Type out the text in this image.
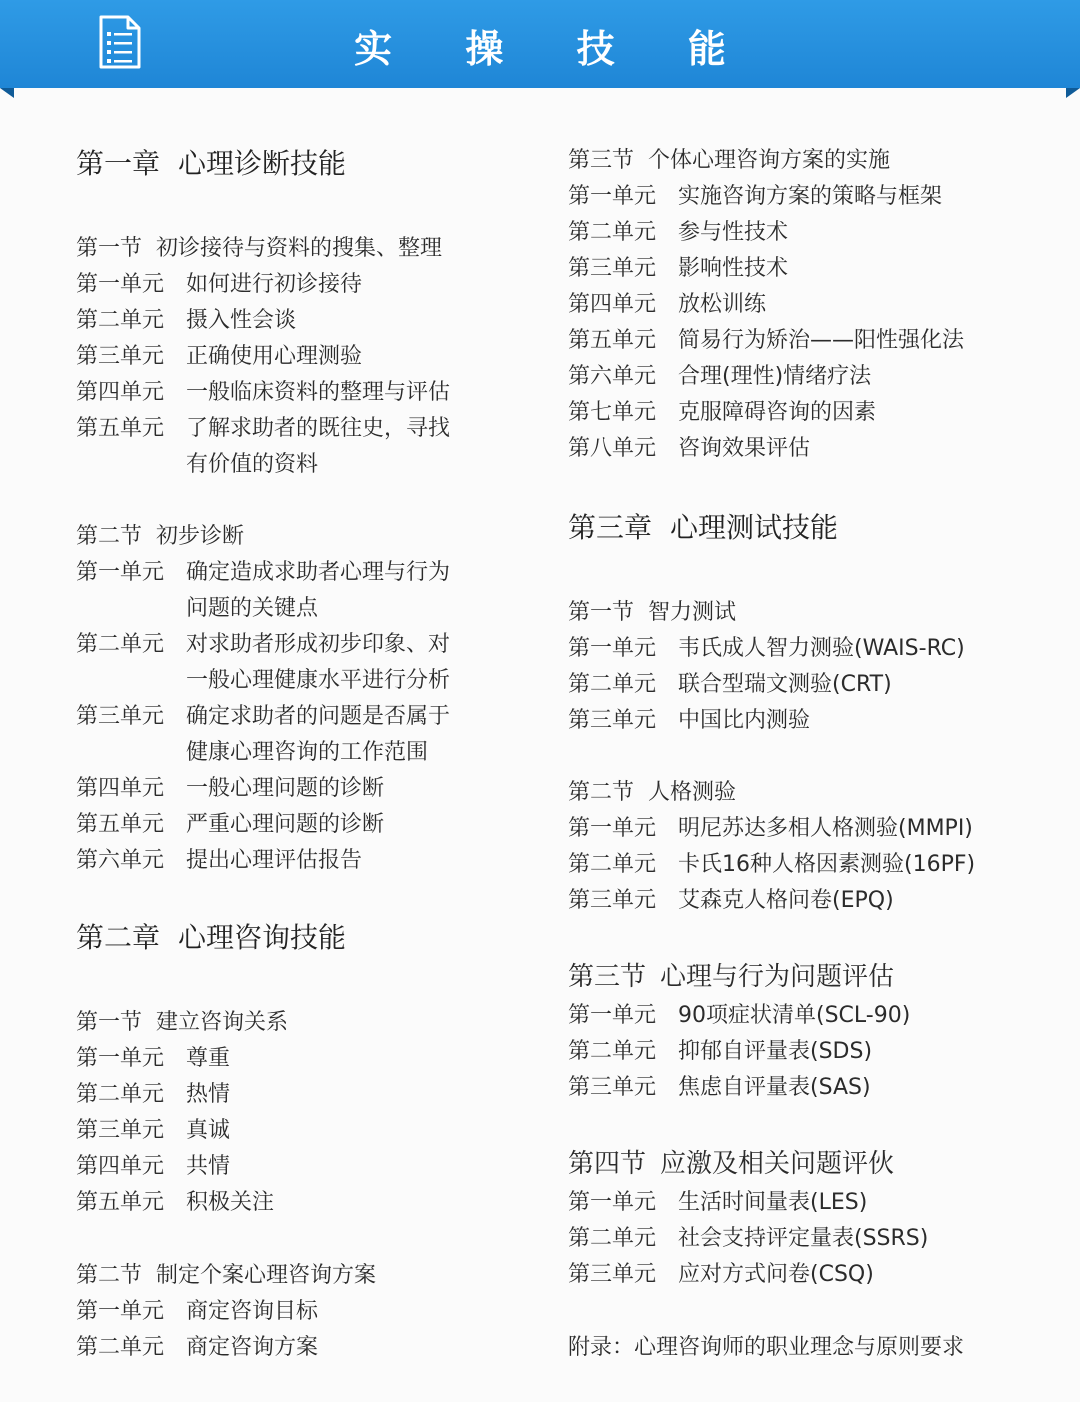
实 操 技 能
第一章 心理诊断技能
第一节 初诊接待与资料的搜集、整理
第一单元 如何进行初诊接待
第二单元 摄入性会谈
第三单元 正确使用心理测验
第四单元 一般临床资料的整理与评估
第五单元 了解求助者的既往史，寻找
有价值的资料
第二节 初步诊断
第一单元 确定造成求助者心理与行为
问题的关键点
第二单元 对求助者形成初步印象、对
一般心理健康水平进行分析
第三单元 确定求助者的问题是否属于
健康心理咨询的工作范围
第四单元 一般心理问题的诊断
第五单元 严重心理问题的诊断
第六单元 提出心理评估报告
第二章 心理咨询技能
第一节 建立咨询关系
第一单元 尊重
第二单元 热情
第三单元 真诚
第四单元 共情
第五单元 积极关注
第二节 制定个案心理咨询方案
第一单元 商定咨询目标
第二单元 商定咨询方案
第三节 个体心理咨询方案的实施
第一单元 实施咨询方案的策略与框架
第二单元 参与性技术
第三单元 影响性技术
第四单元 放松训练
第五单元 简易行为矫治——阳性强化法
第六单元 合理(理性)情绪疗法
第七单元 克服障碍咨询的因素
第八单元 咨询效果评估
第三章 心理测试技能
第一节 智力测试
第一单元 韦氏成人智力测验(WAIS-RC)
第二单元 联合型瑞文测验(CRT)
第三单元 中国比内测验
第二节 人格测验
第一单元 明尼苏达多相人格测验(MMPI)
第二单元 卡氏16种人格因素测验(16PF)
第三单元 艾森克人格问卷(EPQ)
第三节 心理与行为问题评估
第一单元 90项症状清单(SCL-90)
第二单元 抑郁自评量表(SDS)
第三单元 焦虑自评量表(SAS)
第四节 应激及相关问题评伙
第一单元 生活时间量表(LES)
第二单元 社会支持评定量表(SSRS)
第三单元 应对方式问卷(CSQ)
附录：心理咨询师的职业理念与原则要求
